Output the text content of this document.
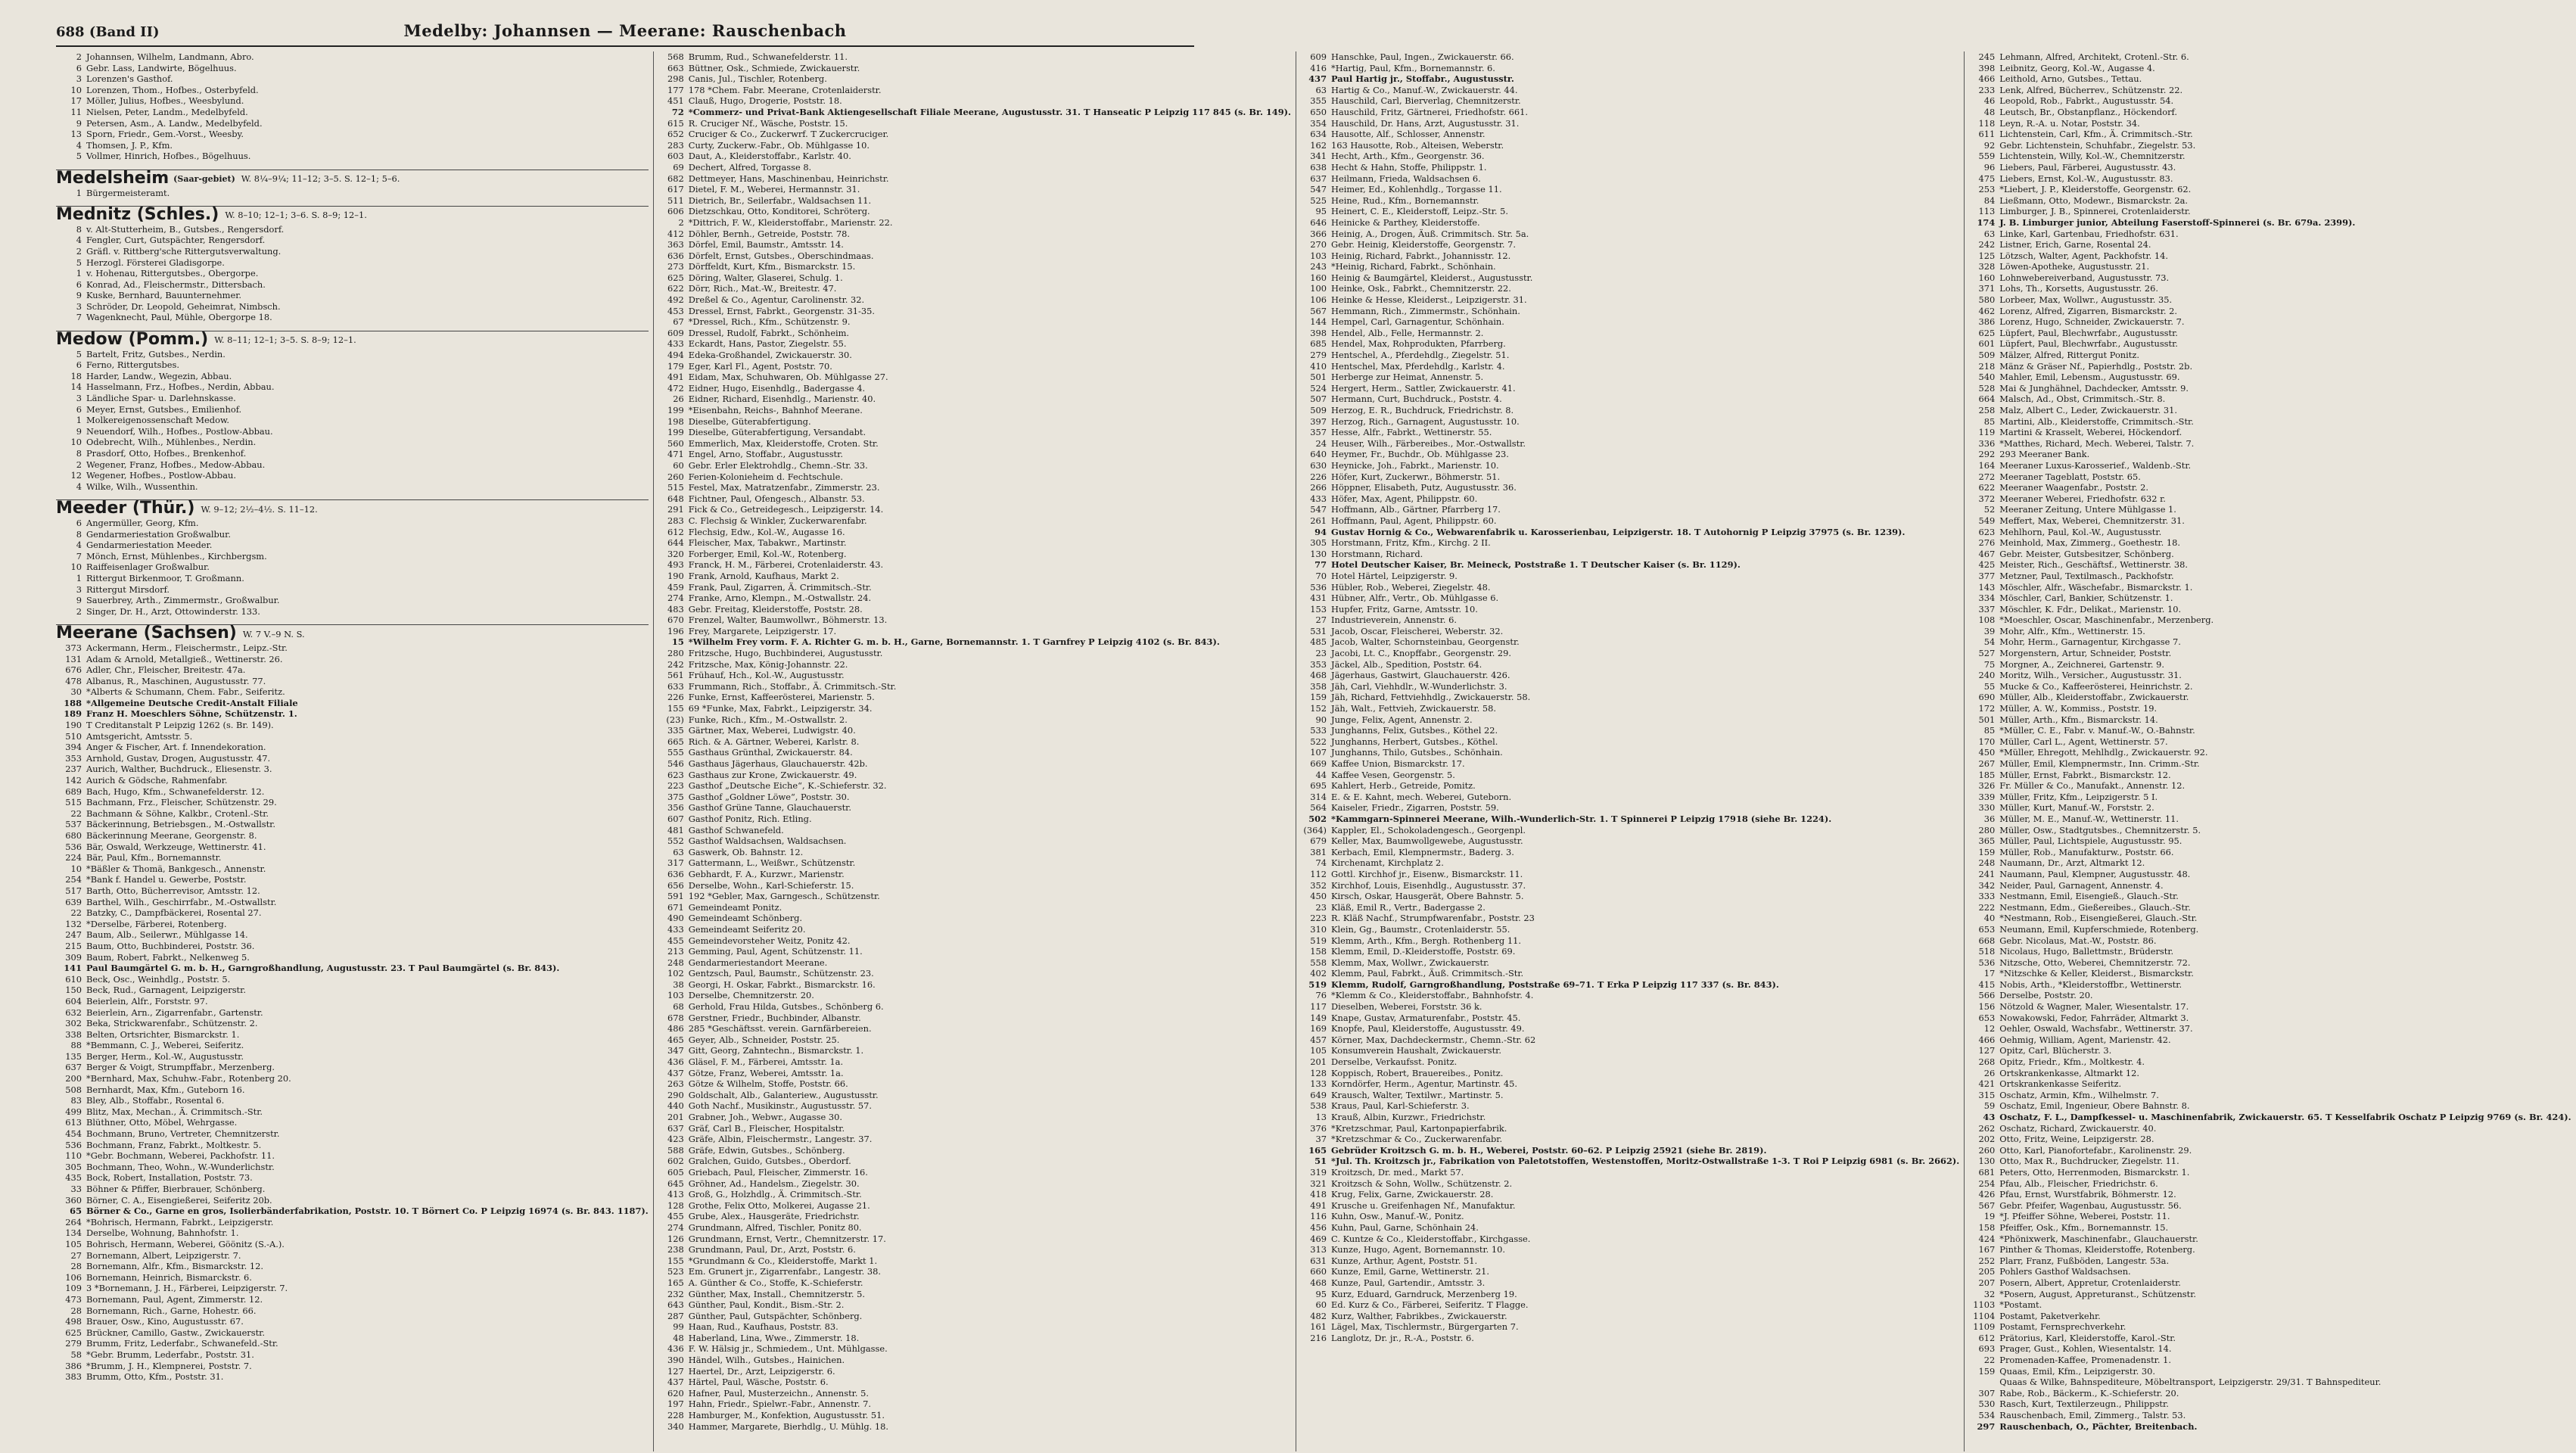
688 (Band II)	Medelby: Johannsen — Meerane: Rauschenbach
2 Johannsen, Wilhelm, Landmann, Abro.
6 Gebr. Lass, Landwirte, Bögelhuus.
3 Lorenzen's Gasthof.
10 Lorenzen, Thom., Hofbes., Osterbyfeld.
17 Möller, Julius, Hofbes., Weesbylund.
11 Nielsen, Peter, Landm., Medelbyfeld.
9 Petersen, Asm., A. Landw., Medelbyfeld.
13 Sporn, Friedr., Gem.-Vorst., Weesby.
4 Thomsen, J. P., Kfm.
5 Vollmer, Hinrich, Hofbes., Bögelhuus.
Medelsheim (Saar-gebiet) W. 8¼–9¼; 11–12; 3–5. S. 12–1; 5–6.
1 Bürgermeisteramt.
Mednitz (Schles.) W. 8–10; 12–1; 3–6. S. 8–9; 12–1.
8 v. Alt-Stutterheim, B., Gutsbes., Rengersdorf.
4 Fengler, Curt, Gutspächter, Rengersdorf.
2 Gräfl. v. Rittberg'sche Rittergutsverwaltung.
5 Herzogl. Försterei Gladisgorpe.
1 v. Hohenau, Rittergutsbes., Obergorpe.
6 Konrad, Ad., Fleischermstr., Dittersbach.
9 Kuske, Bernhard, Bauunternehmer.
3 Schröder, Dr. Leopold, Geheimrat, Nimbsch.
7 Wagenknecht, Paul, Mühle, Obergorpe 18.
Medow (Pomm.) W. 8–11; 12–1; 3–5. S. 8–9; 12–1.
5 Bartelt, Fritz, Gutsbes., Nerdin.
6 Ferno, Rittergutsbes.
18 Harder, Landw., Wegezin, Abbau.
14 Hasselmann, Frz., Hofbes., Nerdin, Abbau.
3 Ländliche Spar- u. Darlehnskasse.
6 Meyer, Ernst, Gutsbes., Emilienhof.
1 Molkereigenossenschaft Medow.
9 Neuendorf, Wilh., Hofbes., Postlow-Abbau.
10 Odebrecht, Wilh., Mühlenbes., Nerdin.
8 Prasdorf, Otto, Hofbes., Brenkenhof.
2 Wegener, Franz, Hofbes., Medow-Abbau.
12 Wegener, Hofbes., Postlow-Abbau.
4 Wilke, Wilh., Wussenthin.
Meeder (Thür.) W. 9–12; 2½–4½. S. 11–12.
6 Angermüller, Georg, Kfm.
8 Gendarmeriestation Großwalbur.
4 Gendarmeriestation Meeder.
7 Mönch, Ernst, Mühlenbes., Kirchbergsm.
10 Raiffeisenlager Großwalbur.
1 Rittergut Birkenmoor, T. Großmann.
3 Rittergut Mirsdorf.
9 Sauerbrey, Arth., Zimmermstr., Großwalbur.
2 Singer, Dr. H., Arzt, Ottowinderstr. 133.
Meerane (Sachsen) W. 7 V.–9 N. S.
373 Ackermann, Herm., Fleischermstr., Leipz.-Str.
131 Adam & Arnold, Metallgieß., Wettinerstr. 26.
676 Adler, Chr., Fleischer, Breitestr. 47a.
478 Albanus, R., Maschinen, Augustusstr. 77.
30 *Alberts & Schumann, Chem. Fabr., Seiferitz.
188 *Allgemeine Deutsche Credit-Anstalt Filiale
189 Franz H. Moeschlers Söhne, Schützenstr. 1.
190 T Creditanstalt P Leipzig 1262 (s. Br. 149).
510 Amtsgericht, Amtsstr. 5.
394 Anger & Fischer, Art. f. Innendekoration.
353 Arnhold, Gustav, Drogen, Augustusstr. 47.
237 Aurich, Walther, Buchdruck., Eliesenstr. 3.
142 Aurich & Gödsche, Rahmenfabr.
689 Bach, Hugo, Kfm., Schwanefelderstr. 12.
515 Bachmann, Frz., Fleischer, Schützenstr. 29.
22 Bachmann & Söhne, Kalkbr., Crotenl.-Str.
537 Bäckerinnung, Betriebsgen., M.-Ostwallstr.
680 Bäckerinnung Meerane, Georgenstr. 8.
536 Bär, Oswald, Werkzeuge, Wettinerstr. 41.
224 Bär, Paul, Kfm., Bornemannstr.
10 *Bäßler & Thomä, Bankgesch., Annenstr.
254 *Bank f. Handel u. Gewerbe, Poststr.
517 Barth, Otto, Bücherrevisor, Amtsstr. 12.
639 Barthel, Wilh., Geschirrfabr., M.-Ostwallstr.
22 Batzky, C., Dampfbäckerei, Rosental 27.
132 *Derselbe, Färberei, Rotenberg.
247 Baum, Alb., Seilerwr., Mühlgasse 14.
215 Baum, Otto, Buchbinderei, Poststr. 36.
309 Baum, Robert, Fabrkt., Nelkenweg 5.
141 Paul Baumgärtel G. m. b. H., Garngroßhandlung, Augustusstr. 23. T Paul Baumgärtel (s. Br. 843).
610 Beck, Osc., Weinhdlg., Poststr. 5.
150 Beck, Rud., Garnagent, Leipzigerstr.
604 Beierlein, Alfr., Forststr. 97.
632 Beierlein, Arn., Zigarrenfabr., Gartenstr.
302 Beka, Strickwarenfabr., Schützenstr. 2.
338 Belten, Ortsrichter, Bismarckstr. 1.
88 *Bemmann, C. J., Weberei, Seiferitz.
135 Berger, Herm., Kol.-W., Augustusstr.
637 Berger & Voigt, Strumpffabr., Merzenberg.
200 *Bernhard, Max, Schuhw.-Fabr., Rotenberg 20.
508 Bernhardt, Max, Kfm., Guteborn 16.
83 Bley, Alb., Stoffabr., Rosental 6.
499 Blitz, Max, Mechan., Ä. Crimmitsch.-Str.
613 Blüthner, Otto, Möbel, Wehrgasse.
454 Bochmann, Bruno, Vertreter, Chemnitzerstr.
536 Bochmann, Franz, Fabrkt., Moltkestr. 5.
110 *Gebr. Bochmann, Weberei, Packhofstr. 11.
305 Bochmann, Theo, Wohn., W.-Wunderlichstr.
435 Bock, Robert, Installation, Poststr. 73.
33 Böhner & Pfiffer, Bierbrauer, Schönberg.
360 Börner, C. A., Eisengießerei, Seiferitz 20b.
65 Börner & Co., Garne en gros, Isolierbänderfabrikation, Poststr. 10. T Börnert Co. P Leipzig 16974 (s. Br. 843. 1187).
264 *Bohrisch, Hermann, Fabrkt., Leipzigerstr.
134 Derselbe, Wohnung, Bahnhofstr. 1.
105 Bohrisch, Hermann, Weberei, Göönitz (S.-A.).
27 Bornemann, Albert, Leipzigerstr. 7.
28 Bornemann, Alfr., Kfm., Bismarckstr. 12.
106 Bornemann, Heinrich, Bismarckstr. 6.
109 3 *Bornemann, J. H., Färberei, Leipzigerstr. 7.
473 Bornemann, Paul, Agent, Zimmerstr. 12.
28 Bornemann, Rich., Garne, Hohestr. 66.
498 Brauer, Osw., Kino, Augustusstr. 67.
625 Brückner, Camillo, Gastw., Zwickauerstr.
279 Brumm, Fritz, Lederfabr., Schwanefeld.-Str.
58 *Gebr. Brumm, Lederfabr., Poststr. 31.
386 *Brumm, J. H., Klempnerei, Poststr. 7.
383 Brumm, Otto, Kfm., Poststr. 31.
568 Brumm, Rud., Schwanefelderstr. 11.
663 Büttner, Osk., Schmiede, Zwickauerstr.
298 Canis, Jul., Tischler, Rotenberg.
177 178 *Chem. Fabr. Meerane, Crotenlaiderstr.
451 Clauß, Hugo, Drogerie, Poststr. 18.
72 *Commerz- und Privat-Bank Aktiengesellschaft Filiale Meerane, Augustusstr. 31. T Hanseatic P Leipzig 117 845 (s. Br. 149).
615 R. Cruciger Nf., Wäsche, Poststr. 15.
652 Cruciger & Co., Zuckerwrf. T Zuckercruciger.
283 Curty, Zuckerw.-Fabr., Ob. Mühlgasse 10.
603 Daut, A., Kleiderstoffabr., Karlstr. 40.
69 Dechert, Alfred, Torgasse 8.
682 Dettmeyer, Hans, Maschinenbau, Heinrichstr.
617 Dietel, F. M., Weberei, Hermannstr. 31.
511 Dietrich, Br., Seilerfabr., Waldsachsen 11.
606 Dietzschkau, Otto, Konditorei, Schröterg.
2 *Dittrich, F. W., Kleiderstoffabr., Marienstr. 22.
412 Döhler, Bernh., Getreide, Poststr. 78.
363 Dörfel, Emil, Baumstr., Amtsstr. 14.
636 Dörfelt, Ernst, Gutsbes., Oberschindmaas.
273 Dörffeldt, Kurt, Kfm., Bismarckstr. 15.
625 Döring, Walter, Glaserei, Schulg. 1.
622 Dörr, Rich., Mat.-W., Breitestr. 47.
492 Dreßel & Co., Agentur, Carolinenstr. 32.
453 Dressel, Ernst, Fabrkt., Georgenstr. 31-35.
67 *Dressel, Rich., Kfm., Schützenstr. 9.
609 Dressel, Rudolf, Fabrkt., Schönheim.
433 Eckardt, Hans, Pastor, Ziegelstr. 55.
494 Edeka-Großhandel, Zwickauerstr. 30.
179 Eger, Karl Fl., Agent, Poststr. 70.
491 Eidam, Max, Schuhwaren, Ob. Mühlgasse 27.
472 Eidner, Hugo, Eisenhdlg., Badergasse 4.
26 Eidner, Richard, Eisenhdlg., Marienstr. 40.
199 *Eisenbahn, Reichs-, Bahnhof Meerane.
198 Dieselbe, Güterabfertigung.
199 Dieselbe, Güterabfertigung, Versandabt.
560 Emmerlich, Max, Kleiderstoffe, Croten. Str.
471 Engel, Arno, Stoffabr., Augustusstr.
60 Gebr. Erler Elektrohdlg., Chemn.-Str. 33.
260 Ferien-Kolonieheim d. Fechtschule.
515 Festel, Max, Matratzenfabr., Zimmerstr. 23.
648 Fichtner, Paul, Ofengesch., Albanstr. 53.
291 Fick & Co., Getreidegesch., Leipzigerstr. 14.
283 C. Flechsig & Winkler, Zuckerwarenfabr.
612 Flechsig, Edw., Kol.-W., Augasse 16.
644 Fleischer, Max, Tabakwr., Martinstr.
320 Forberger, Emil, Kol.-W., Rotenberg.
493 Franck, H. M., Färberei, Crotenlaiderstr. 43.
190 Frank, Arnold, Kaufhaus, Markt 2.
459 Frank, Paul, Zigarren, Ä. Crimmitsch.-Str.
274 Franke, Arno, Klempn., M.-Ostwallstr. 24.
483 Gebr. Freitag, Kleiderstoffe, Poststr. 28.
670 Frenzel, Walter, Baumwollwr., Böhmerstr. 13.
196 Frey, Margarete, Leipzigerstr. 17.
15 *Wilhelm Frey vorm. F. A. Richter G. m. b. H., Garne, Bornemannstr. 1. T Garnfrey P Leipzig 4102 (s. Br. 843).
280 Fritzsche, Hugo, Buchbinderei, Augustusstr.
242 Fritzsche, Max, König-Johannstr. 22.
561 Frühauf, Hch., Kol.-W., Augustusstr.
633 Frummann, Rich., Stoffabr., Ä. Crimmitsch.-Str.
226 Funke, Ernst, Kaffeerösterei, Marienstr. 5.
155 69 *Funke, Max, Fabrkt., Leipzigerstr. 34.
(23) Funke, Rich., Kfm., M.-Ostwallstr. 2.
335 Gärtner, Max, Weberei, Ludwigstr. 40.
665 Rich. & A. Gärtner, Weberei, Karlstr. 8.
555 Gasthaus Grünthal, Zwickauerstr. 84.
546 Gasthaus Jägerhaus, Glauchauerstr. 42b.
623 Gasthaus zur Krone, Zwickauerstr. 49.
223 Gasthof „Deutsche Eiche“, K.-Schieferstr. 32.
375 Gasthof „Goldner Löwe“, Poststr. 30.
356 Gasthof Grüne Tanne, Glauchauerstr.
607 Gasthof Ponitz, Rich. Etling.
481 Gasthof Schwanefeld.
552 Gasthof Waldsachsen, Waldsachsen.
63 Gaswerk, Ob. Bahnstr. 12.
317 Gattermann, L., Weißwr., Schützenstr.
636 Gebhardt, F. A., Kurzwr., Marienstr.
656 Derselbe, Wohn., Karl-Schieferstr. 15.
591 192 *Gebler, Max, Garngesch., Schützenstr.
671 Gemeindeamt Ponitz.
490 Gemeindeamt Schönberg.
433 Gemeindeamt Seiferitz 20.
455 Gemeindevorsteher Weitz, Ponitz 42.
213 Gemming, Paul, Agent, Schützenstr. 11.
248 Gendarmeriestandort Meerane.
102 Gentzsch, Paul, Baumstr., Schützenstr. 23.
38 Georgi, H. Oskar, Fabrkt., Bismarckstr. 16.
103 Derselbe, Chemnitzerstr. 20.
68 Gerhold, Frau Hilda, Gutsbes., Schönberg 6.
678 Gerstner, Friedr., Buchbinder, Albanstr.
486 285 *Geschäftsst. verein. Garnfärbereien.
465 Geyer, Alb., Schneider, Poststr. 25.
347 Gitt, Georg, Zahntechn., Bismarckstr. 1.
436 Gläsel, F. M., Färberei, Amtsstr. 1a.
437 Götze, Franz, Weberei, Amtsstr. 1a.
263 Götze & Wilhelm, Stoffe, Poststr. 66.
290 Goldschalt, Alb., Galanteriew., Augustusstr.
440 Goth Nachf., Musikinstr., Augustusstr. 57.
201 Grabner, Joh., Webwr., Augasse 30.
637 Gräf, Carl B., Fleischer, Hospitalstr.
423 Gräfe, Albin, Fleischermstr., Langestr. 37.
588 Gräfe, Edwin, Gutsbes., Schönberg.
602 Gralchen, Guido, Gutsbes., Oberdorf.
605 Griebach, Paul, Fleischer, Zimmerstr. 16.
645 Gröhner, Ad., Handelsm., Ziegelstr. 30.
413 Groß, G., Holzhdlg., Ä. Crimmitsch.-Str.
128 Grothe, Felix Otto, Molkerei, Augasse 21.
455 Grube, Alex., Hausgeräte, Friedrichstr.
274 Grundmann, Alfred, Tischler, Ponitz 80.
126 Grundmann, Ernst, Vertr., Chemnitzerstr. 17.
238 Grundmann, Paul, Dr., Arzt, Poststr. 6.
155 *Grundmann & Co., Kleiderstoffe, Markt 1.
523 Em. Grunert jr., Zigarrenfabr., Langestr. 38.
165 A. Günther & Co., Stoffe, K.-Schieferstr.
232 Günther, Max, Install., Chemnitzerstr. 5.
643 Günther, Paul, Kondit., Bism.-Str. 2.
287 Günther, Paul, Gutspächter, Schönberg.
99 Haan, Rud., Kaufhaus, Poststr. 83.
48 Haberland, Lina, Wwe., Zimmerstr. 18.
436 F. W. Hälsig jr., Schmiedem., Unt. Mühlgasse.
390 Händel, Wilh., Gutsbes., Hainichen.
127 Haertel, Dr., Arzt, Leipzigerstr. 6.
437 Härtel, Paul, Wäsche, Poststr. 6.
620 Hafner, Paul, Musterzeichn., Annenstr. 5.
197 Hahn, Friedr., Spielwr.-Fabr., Annenstr. 7.
228 Hamburger, M., Konfektion, Augustusstr. 51.
340 Hammer, Margarete, Bierhdlg., U. Mühlg. 18.
609 Hanschke, Paul, Ingen., Zwickauerstr. 66.
416 *Hartig, Paul, Kfm., Bornemannstr. 6.
437 Paul Hartig jr., Stoffabr., Augustusstr.
63 Hartig & Co., Manuf.-W., Zwickauerstr. 44.
355 Hauschild, Carl, Bierverlag, Chemnitzerstr.
650 Hauschild, Fritz, Gärtnerei, Friedhofstr. 661.
354 Hauschild, Dr. Hans, Arzt, Augustusstr. 31.
634 Hausotte, Alf., Schlosser, Annenstr.
162 163 Hausotte, Rob., Alteisen, Weberstr.
341 Hecht, Arth., Kfm., Georgenstr. 36.
638 Hecht & Hahn, Stoffe, Philippstr. 1.
637 Heilmann, Frieda, Waldsachsen 6.
547 Heimer, Ed., Kohlenhdlg., Torgasse 11.
525 Heine, Rud., Kfm., Bornemannstr.
95 Heinert, C. E., Kleiderstoff, Leipz.-Str. 5.
646 Heinicke & Parthey, Kleiderstoffe.
366 Heinig, A., Drogen, Äuß. Crimmitsch. Str. 5a.
270 Gebr. Heinig, Kleiderstoffe, Georgenstr. 7.
103 Heinig, Richard, Fabrkt., Johannisstr. 12.
243 *Heinig, Richard, Fabrkt., Schönhain.
160 Heinig & Baumgärtel, Kleiderst., Augustusstr.
100 Heinke, Osk., Fabrkt., Chemnitzerstr. 22.
106 Heinke & Hesse, Kleiderst., Leipzigerstr. 31.
567 Hemmann, Rich., Zimmermstr., Schönhain.
144 Hempel, Carl, Garnagentur, Schönhain.
398 Hendel, Alb., Felle, Hermannstr. 2.
685 Hendel, Max, Rohprodukten, Pfarrberg.
279 Hentschel, A., Pferdehdlg., Ziegelstr. 51.
410 Hentschel, Max, Pferdehdlg., Karlstr. 4.
501 Herberge zur Heimat, Annenstr. 5.
524 Hergert, Herm., Sattler, Zwickauerstr. 41.
507 Hermann, Curt, Buchdruck., Poststr. 4.
509 Herzog, E. R., Buchdruck, Friedrichstr. 8.
397 Herzog, Rich., Garnagent, Augustusstr. 10.
357 Hesse, Alfr., Fabrkt., Wettinerstr. 55.
24 Heuser, Wilh., Färbereibes., Mor.-Ostwallstr.
640 Heymer, Fr., Buchdr., Ob. Mühlgasse 23.
630 Heynicke, Joh., Fabrkt., Marienstr. 10.
226 Höfer, Kurt, Zuckerwr., Böhmerstr. 51.
266 Höppner, Elisabeth, Putz, Augustusstr. 36.
433 Höfer, Max, Agent, Philippstr. 60.
547 Hoffmann, Alb., Gärtner, Pfarrberg 17.
261 Hoffmann, Paul, Agent, Philippstr. 60.
94 Gustav Hornig & Co., Webwarenfabrik u. Karosserienbau, Leipzigerstr. 18. T Autohornig P Leipzig 37975 (s. Br. 1239).
305 Horstmann, Fritz, Kfm., Kirchg. 2 II.
130 Horstmann, Richard.
77 Hotel Deutscher Kaiser, Br. Meineck, Poststraße 1. T Deutscher Kaiser (s. Br. 1129).
70 Hotel Härtel, Leipzigerstr. 9.
536 Hübler, Rob., Weberei, Ziegelstr. 48.
431 Hübner, Alfr., Vertr., Ob. Mühlgasse 6.
153 Hupfer, Fritz, Garne, Amtsstr. 10.
27 Industrieverein, Annenstr. 6.
531 Jacob, Oscar, Fleischerei, Weberstr. 32.
485 Jacob, Walter, Schornsteinbau, Georgenstr.
23 Jacobi, Lt. C., Knopffabr., Georgenstr. 29.
353 Jäckel, Alb., Spedition, Poststr. 64.
468 Jägerhaus, Gastwirt, Glauchauerstr. 426.
358 Jäh, Carl, Viehhdlr., W.-Wunderlichstr. 3.
159 Jäh, Richard, Fettviehhdlg., Zwickauerstr. 58.
152 Jäh, Walt., Fettvieh, Zwickauerstr. 58.
90 Junge, Felix, Agent, Annenstr. 2.
533 Junghanns, Felix, Gutsbes., Köthel 22.
522 Junghanns, Herbert, Gutsbes., Köthel.
107 Junghanns, Thilo, Gutsbes., Schönhain.
669 Kaffee Union, Bismarckstr. 17.
44 Kaffee Vesen, Georgenstr. 5.
695 Kahlert, Herb., Getreide, Pomitz.
314 E. & E. Kahnt, mech. Weberei, Guteborn.
564 Kaiseler, Friedr., Zigarren, Poststr. 59.
502 *Kammgarn-Spinnerei Meerane, Wilh.-Wunderlich-Str. 1. T Spinnerei P Leipzig 17918 (siehe Br. 1224).
(364) Kappler, El., Schokoladengesch., Georgenpl.
679 Keller, Max, Baumwollgewebe, Augustusstr.
381 Kerbach, Emil, Klempnermstr., Baderg. 3.
74 Kirchenamt, Kirchplatz 2.
112 Gottl. Kirchhof jr., Eisenw., Bismarckstr. 11.
352 Kirchhof, Louis, Eisenhdlg., Augustusstr. 37.
450 Kirsch, Oskar, Hausgerät, Obere Bahnstr. 5.
23 Kläß, Emil R., Vertr., Badergasse 2.
223 R. Kläß Nachf., Strumpfwarenfabr., Poststr. 23
310 Klein, Gg., Baumstr., Crotenlaiderstr. 55.
519 Klemm, Arth., Kfm., Bergh. Rothenberg 11.
158 Klemm, Emil, D.-Kleiderstoffe, Poststr. 69.
558 Klemm, Max, Wollwr., Zwickauerstr.
402 Klemm, Paul, Fabrkt., Äuß. Crimmitsch.-Str.
519 Klemm, Rudolf, Garngroßhandlung, Poststraße 69–71. T Erka P Leipzig 117 337 (s. Br. 843).
76 *Klemm & Co., Kleiderstoffabr., Bahnhofstr. 4.
117 Dieselben, Weberei, Forststr. 36 k.
149 Knape, Gustav, Armaturenfabr., Poststr. 45.
169 Knopfe, Paul, Kleiderstoffe, Augustusstr. 49.
457 Körner, Max, Dachdeckermstr., Chemn.-Str. 62
105 Konsumverein Haushalt, Zwickauerstr.
201 Derselbe, Verkaufsst. Ponitz.
128 Koppisch, Robert, Brauereibes., Ponitz.
133 Korndörfer, Herm., Agentur, Martinstr. 45.
649 Krausch, Walter, Textilwr., Martinstr. 5.
538 Kraus, Paul, Karl-Schieferstr. 3.
13 Krauß, Albin, Kurzwr., Friedrichstr.
376 *Kretzschmar, Paul, Kartonpapierfabrik.
37 *Kretzschmar & Co., Zuckerwarenfabr.
165 Gebrüder Kroitzsch G. m. b. H., Weberei, Poststr. 60–62. P Leipzig 25921 (siehe Br. 2819).
51 *Jul. Th. Kroitzsch jr., Fabrikation von Paletotstoffen, Westenstoffen, Moritz-Ostwallstraße 1-3. T Roi P Leipzig 6981 (s. Br. 2662).
319 Kroitzsch, Dr. med., Markt 57.
321 Kroitzsch & Sohn, Wollw., Schützenstr. 2.
418 Krug, Felix, Garne, Zwickauerstr. 28.
491 Krusche u. Greifenhagen Nf., Manufaktur.
116 Kuhn, Osw., Manuf.-W., Ponitz.
456 Kuhn, Paul, Garne, Schönhain 24.
469 C. Kuntze & Co., Kleiderstoffabr., Kirchgasse.
313 Kunze, Hugo, Agent, Bornemannstr. 10.
631 Kunze, Arthur, Agent, Poststr. 51.
660 Kunze, Emil, Garne, Wettinerstr. 21.
468 Kunze, Paul, Gartendir., Amtsstr. 3.
95 Kurz, Eduard, Garndruck, Merzenberg 19.
60 Ed. Kurz & Co., Färberei, Seiferitz. T Flagge.
482 Kurz, Walther, Fabrikbes., Zwickauerstr.
161 Lägel, Max, Tischlermstr., Bürgergarten 7.
216 Langlotz, Dr. jr., R.-A., Poststr. 6.
245 Lehmann, Alfred, Architekt, Crotenl.-Str. 6.
398 Leibnitz, Georg, Kol.-W., Augasse 4.
466 Leithold, Arno, Gutsbes., Tettau.
233 Lenk, Alfred, Bücherrev., Schützenstr. 22.
46 Leopold, Rob., Fabrkt., Augustusstr. 54.
48 Leutsch, Br., Obstanpflanz., Höckendorf.
118 Leyn, R.-A. u. Notar, Poststr. 34.
611 Lichtenstein, Carl, Kfm., Ä. Crimmitsch.-Str.
92 Gebr. Lichtenstein, Schuhfabr., Ziegelstr. 53.
559 Lichtenstein, Willy, Kol.-W., Chemnitzerstr.
96 Liebers, Paul, Färberei, Augustusstr. 43.
475 Liebers, Ernst, Kol.-W., Augustusstr. 83.
253 *Liebert, J. P., Kleiderstoffe, Georgenstr. 62.
84 Ließmann, Otto, Modewr., Bismarckstr. 2a.
113 Limburger, J. B., Spinnerei, Crotenlaiderstr.
174 J. B. Limburger junior, Abteilung Faserstoff-Spinnerei (s. Br. 679a. 2399).
63 Linke, Karl, Gartenbau, Friedhofstr. 631.
242 Listner, Erich, Garne, Rosental 24.
125 Lötzsch, Walter, Agent, Packhofstr. 14.
328 Löwen-Apotheke, Augustusstr. 21.
160 Lohnwebereiverband, Augustusstr. 73.
371 Lohs, Th., Korsetts, Augustusstr. 26.
580 Lorbeer, Max, Wollwr., Augustusstr. 35.
462 Lorenz, Alfred, Zigarren, Bismarckstr. 2.
386 Lorenz, Hugo, Schneider, Zwickauerstr. 7.
625 Lüpfert, Paul, Blechwrfabr., Augustusstr.
601 Lüpfert, Paul, Blechwrfabr., Augustusstr.
509 Mälzer, Alfred, Rittergut Ponitz.
218 Mänz & Gräser Nf., Papierhdlg., Poststr. 2b.
540 Mahler, Emil, Lebensm., Augustusstr. 69.
528 Mai & Junghähnel, Dachdecker, Amtsstr. 9.
664 Malsch, Ad., Obst, Crimmitsch.-Str. 8.
258 Malz, Albert C., Leder, Zwickauerstr. 31.
85 Martini, Alb., Kleiderstoffe, Crimmitsch.-Str.
119 Martini & Krasselt, Weberei, Höckendorf.
336 *Matthes, Richard, Mech. Weberei, Talstr. 7.
292 293 Meeraner Bank.
164 Meeraner Luxus-Karosserief., Waldenb.-Str.
272 Meeraner Tageblatt, Poststr. 65.
622 Meeraner Waagenfabr., Poststr. 2.
372 Meeraner Weberei, Friedhofstr. 632 r.
52 Meeraner Zeitung, Untere Mühlgasse 1.
549 Meffert, Max, Weberei, Chemnitzerstr. 31.
623 Mehlhorn, Paul, Kol.-W., Augustusstr.
276 Meinhold, Max, Zimmerg., Goethestr. 18.
467 Gebr. Meister, Gutsbesitzer, Schönberg.
425 Meister, Rich., Geschäftsf., Wettinerstr. 38.
377 Metzner, Paul, Textilmasch., Packhofstr.
143 Möschler, Alfr., Wäschefabr., Bismarckstr. 1.
334 Möschler, Carl, Bankier, Schützenstr. 1.
337 Möschler, K. Fdr., Delikat., Marienstr. 10.
108 *Moeschler, Oscar, Maschinenfabr., Merzenberg.
39 Mohr, Alfr., Kfm., Wettinerstr. 15.
54 Mohr, Herm., Garnagentur, Kirchgasse 7.
527 Morgenstern, Artur, Schneider, Poststr.
75 Morgner, A., Zeichnerei, Gartenstr. 9.
240 Moritz, Wilh., Versicher., Augustusstr. 31.
55 Mucke & Co., Kaffeerösterei, Heinrichstr. 2.
690 Müller, Alb., Kleiderstoffabr., Zwickauerstr.
172 Müller, A. W., Kommiss., Poststr. 19.
501 Müller, Arth., Kfm., Bismarckstr. 14.
85 *Müller, C. E., Fabr. v. Manuf.-W., O.-Bahnstr.
170 Müller, Carl L., Agent, Wettinerstr. 57.
450 *Müller, Ehregott, Mehlhdlg., Zwickauerstr. 92.
267 Müller, Emil, Klempnermstr., Inn. Crimm.-Str.
185 Müller, Ernst, Fabrkt., Bismarckstr. 12.
326 Fr. Müller & Co., Manufakt., Annenstr. 12.
339 Müller, Fritz, Kfm., Leipzigerstr. 5 I.
330 Müller, Kurt, Manuf.-W., Forststr. 2.
36 Müller, M. E., Manuf.-W., Wettinerstr. 11.
280 Müller, Osw., Stadtgutsbes., Chemnitzerstr. 5.
365 Müller, Paul, Lichtspiele, Augustusstr. 95.
159 Müller, Rob., Manufakturw., Poststr. 66.
248 Naumann, Dr., Arzt, Altmarkt 12.
241 Naumann, Paul, Klempner, Augustusstr. 48.
342 Neider, Paul, Garnagent, Annenstr. 4.
333 Nestmann, Emil, Eisengieß., Glauch.-Str.
222 Nestmann, Edm., Gießereibes., Glauch.-Str.
40 *Nestmann, Rob., Eisengießerei, Glauch.-Str.
653 Neumann, Emil, Kupferschmiede, Rotenberg.
668 Gebr. Nicolaus, Mat.-W., Poststr. 86.
518 Nicolaus, Hugo, Ballettmstr., Brüderstr.
536 Nitzsche, Otto, Weberei, Chemnitzerstr. 72.
17 *Nitzschke & Keller, Kleiderst., Bismarckstr.
415 Nobis, Arth., *Kleiderstoffbr., Wettinerstr.
566 Derselbe, Poststr. 20.
156 Nötzold & Wagner, Maler, Wiesentalstr. 17.
653 Nowakowski, Fedor, Fahrräder, Altmarkt 3.
12 Oehler, Oswald, Wachsfabr., Wettinerstr. 37.
466 Oehmig, William, Agent, Marienstr. 42.
127 Opitz, Carl, Blücherstr. 3.
268 Opitz, Friedr., Kfm., Moltkestr. 4.
26 Ortskrankenkasse, Altmarkt 12.
421 Ortskrankenkasse Seiferitz.
315 Oschatz, Armin, Kfm., Wilhelmstr. 7.
59 Oschatz, Emil, Ingenieur, Obere Bahnstr. 8.
43 Oschatz, F. L., Dampfkessel- u. Maschinenfabrik, Zwickauerstr. 65. T Kesselfabrik Oschatz P Leipzig 9769 (s. Br. 424).
262 Oschatz, Richard, Zwickauerstr. 40.
202 Otto, Fritz, Weine, Leipzigerstr. 28.
260 Otto, Karl, Pianofortefabr., Karolinenstr. 29.
130 Otto, Max R., Buchdrucker, Ziegelstr. 11.
681 Peters, Otto, Herrenmoden, Bismarckstr. 1.
254 Pfau, Alb., Fleischer, Friedrichstr. 6.
426 Pfau, Ernst, Wurstfabrik, Böhmerstr. 12.
567 Gebr. Pfeifer, Wagenbau, Augustusstr. 56.
19 *J. Pfeiffer Söhne, Weberei, Poststr. 11.
158 Pfeiffer, Osk., Kfm., Bornemannstr. 15.
424 *Phönixwerk, Maschinenfabr., Glauchauerstr.
167 Pinther & Thomas, Kleiderstoffe, Rotenberg.
252 Plarr, Franz, Fußböden, Langestr. 53a.
205 Pohlers Gasthof Waldsachsen.
207 Posern, Albert, Appretur, Crotenlaiderstr.
32 *Posern, August, Appreturanst., Schützenstr.
1103 *Postamt.
1104 Postamt, Paketverkehr.
1109 Postamt, Fernsprechverkehr.
612 Prätorius, Karl, Kleiderstoffe, Karol.-Str.
693 Prager, Gust., Kohlen, Wiesentalstr. 14.
22 Promenaden-Kaffee, Promenadenstr. 1.
159 Quaas, Emil, Kfm., Leipzigerstr. 30.
Quaas & Wilke, Bahnspediteure, Möbeltransport, Leipzigerstr. 29/31. T Bahnspediteur.
307 Rabe, Rob., Bäckerm., K.-Schieferstr. 20.
530 Rasch, Kurt, Textilerzeugn., Philippstr.
534 Rauschenbach, Emil, Zimmerg., Talstr. 53.
297 Rauschenbach, O., Pächter, Breitenbach.
